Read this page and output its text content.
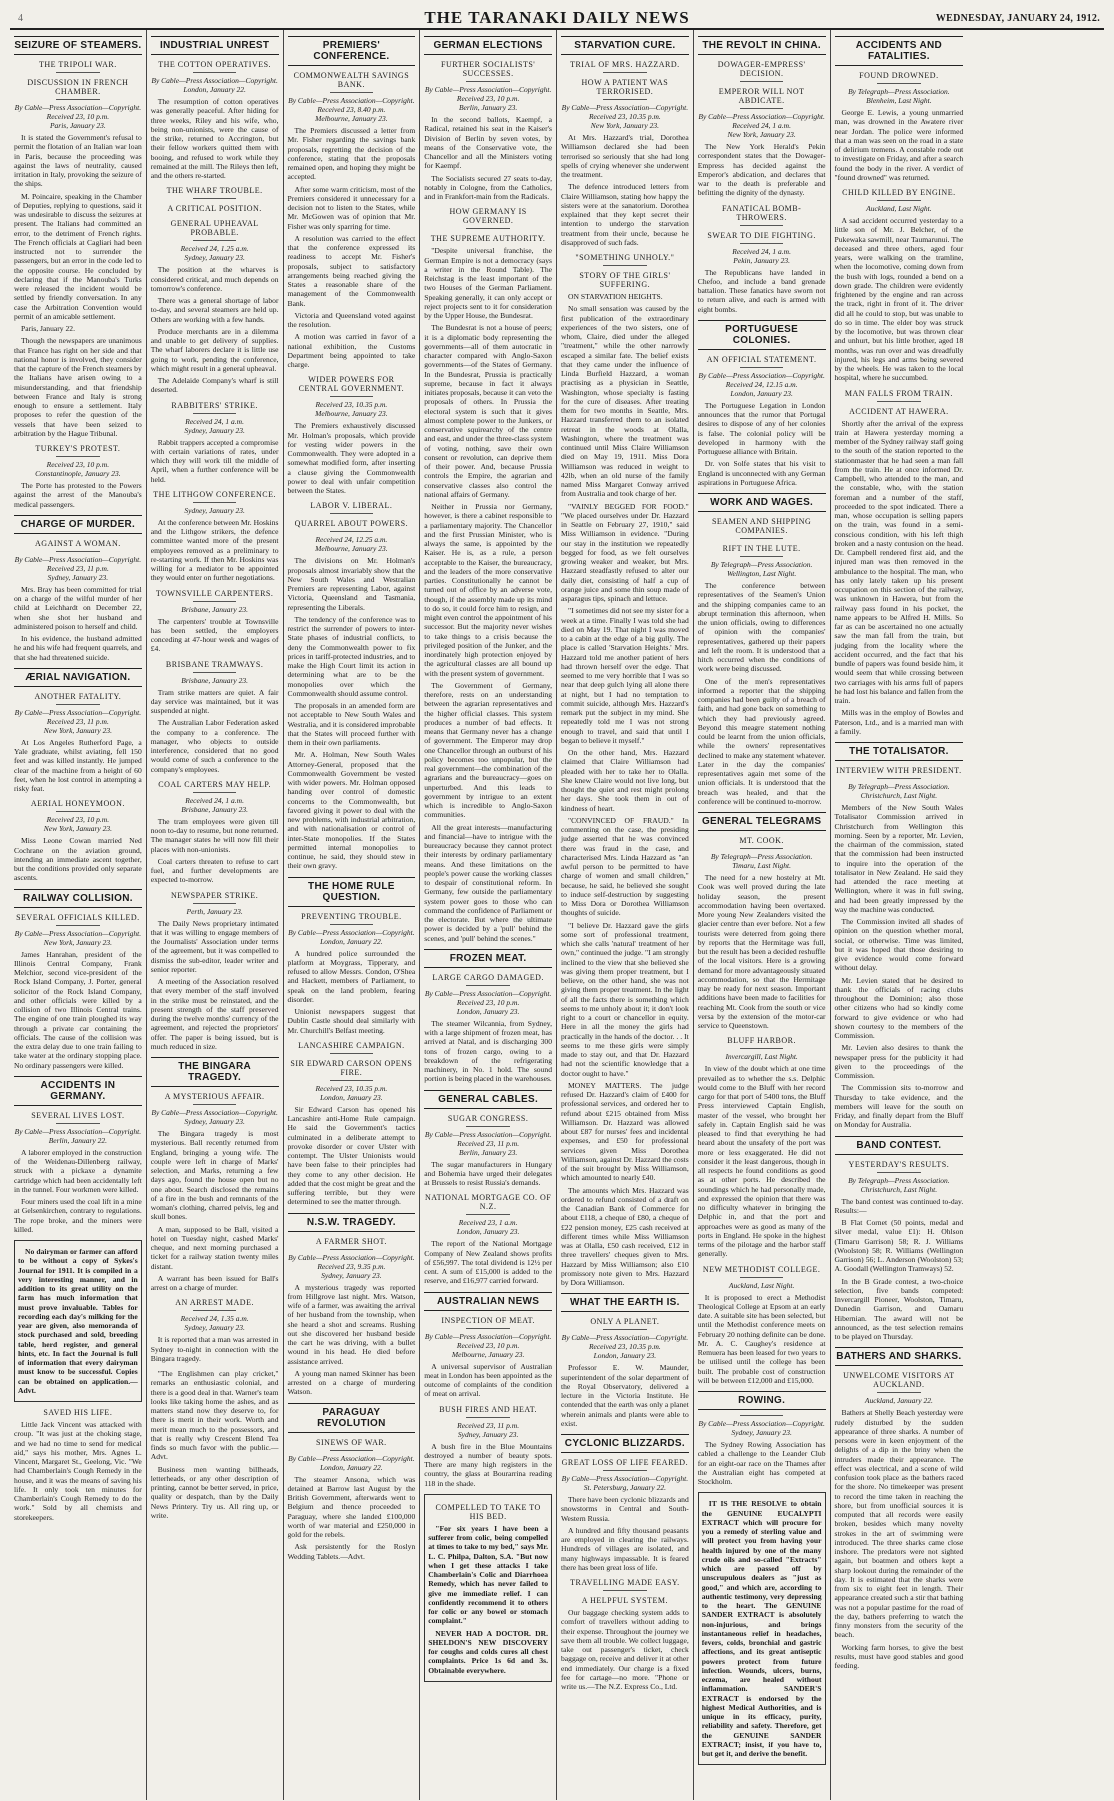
4	THE TARANAKI DAILY NEWS	WEDNESDAY, JANUARY 24, 1912.
SEIZURE OF STEAMERS.
THE TRIPOLI WAR.
DISCUSSION IN FRENCH CHAMBER.
By Cable—Press Association—Copyright.
Received 23, 10 p.m.
Paris, January 23.

It is stated the Government's refusal to permit the flotation of an Italian war loan in Paris, because the proceeding was against the laws of neutrality, caused irritation in Italy, provoking the seizure of the ships.

M. Poincaire, speaking in the Chamber of Deputies, replying to questions, said it was undesirable to discuss the seizures at present. The Italians had committed an error, to the detriment of French rights. The French officials at Cagliari had been instructed not to surrender the passengers, but an error in the code led to the opposite course. He concluded by declaring that if the Manouba's Turks were released the incident would be settled by friendly conversation. In any case the Arbitration Convention would permit of an amicable settlement.

Paris, January 22.

Though the newspapers are unanimous that France has right on her side and that national honor is involved, they consider that the capture of the French steamers by the Italians have arisen owing to a misunderstanding, and that friendship between France and Italy is strong enough to ensure a settlement. Italy proposes to refer the question of the vessels that have been seized to arbitration by the Hague Tribunal.

TURKEY'S PROTEST.
Received 23, 10 p.m.
Constantinople, January 23.

The Porte has protested to the Powers against the arrest of the Manouba's medical passengers.

CHARGE OF MURDER.
AGAINST A WOMAN.
By Cable—Press Association—Copyright.
Received 23, 11 p.m.
Sydney, January 23.

Mrs. Bray has been committed for trial on a charge of the wilful murder of her child at Leichhardt on December 22, when she shot her husband and administered poison to herself and child.

In his evidence, the husband admitted he and his wife had frequent quarrels, and that she had threatened suicide.

ÆRIAL NAVIGATION.
ANOTHER FATALITY.
By Cable—Press Association—Copyright.
Received 23, 11 p.m.
New York, January 23.

At Los Angeles Rutherford Page, a Yale graduate, whilst aviating, fell 150 feet and was killed instantly. He jumped clear of the machine from a height of 60 feet, when he lost control in attempting a risky feat.

AERIAL HONEYMOON.
Received 23, 10 p.m.
New York, January 23.

Miss Leone Cowan married Ned Cochrane on the aviation ground, intending an immediate ascent together, but the conditions provided only separate ascents.

RAILWAY COLLISION.
SEVERAL OFFICIALS KILLED.
By Cable—Press Association—Copyright.
New York, January 23.

James Hanrahan, president of the Illinois Central Company, Frank Melchior, second vice-president of the Rock Island Company, J. Porter, general solicitor of the Rock Island Company, and other officials were killed by a collision of two Illinois Central trains. The engine of one train ploughed its way through a private car containing the officials. The cause of the collision was the extra delay due to one train failing to take water at the ordinary stopping place. No ordinary passengers were killed.

ACCIDENTS IN GERMANY.
SEVERAL LIVES LOST.
By Cable—Press Association—Copyright.
Berlin, January 22.

A laborer employed in the construction of the Weidenau-Dillenberg railway, struck with a pickaxe a dynamite cartridge which had been accidentally left in the tunnel. Four workmen were killed.

Four miners used the coal lift in a mine at Gelsenkirchen, contrary to regulations. The rope broke, and the miners were killed.

No dairyman or farmer can afford to be without a copy of Sykes's Journal for 1911. It is compiled in a very interesting manner, and in addition to its great utility on the farm has much information that must prove invaluable. Tables for recording each day's milking for the year are given, also memoranda of stock purchased and sold, breeding table, herd register, and general hints, etc. In fact the Journal is full of information that every dairyman must know to be successful. Copies can be obtained on application.—Advt.

SAVED HIS LIFE.

Little Jack Vincent was attacked with croup. "It was just at the choking stage, and we had no time to send for medical aid," says his mother, Mrs. Agnes L. Vincent, Margaret St., Geelong, Vic. "We had Chamberlain's Cough Remedy in the house, and it was the means of saving his life. It only took ten minutes for Chamberlain's Cough Remedy to do the work." Sold by all chemists and storekeepers.

INDUSTRIAL UNREST
THE COTTON OPERATIVES.
By Cable—Press Association—Copyright.
London, January 22.

The resumption of cotton operatives was generally peaceful. After hiding for three weeks, Riley and his wife, who, being non-unionists, were the cause of the strike, returned to Accrington, but their fellow workers quitted them with booing, and refused to work while they remained at the mill. The Rileys then left, and the others re-started.

THE WHARF TROUBLE.
A CRITICAL POSITION.
GENERAL UPHEAVAL PROBABLE.
Received 24, 1.25 a.m.
Sydney, January 23.

The position at the wharves is considered critical, and much depends on tomorrow's conference.

There was a general shortage of labor to-day, and several steamers are held up. Others are working with a few hands.

Produce merchants are in a dilemma and unable to get delivery of supplies. The wharf laborers declare it is little use going to work, pending the conference, which might result in a general upheaval.

The Adelaide Company's wharf is still deserted.

RABBITERS' STRIKE.
Received 24, 1 a.m.
Sydney, January 23.

Rabbit trappers accepted a compromise with certain variations of rates, under which they will work till the middle of April, when a further conference will be held.

THE LITHGOW CONFERENCE.
Sydney, January 23.

At the conference between Mr. Hoskins and the Lithgow strikers, the defence committee wanted more of the present employees removed as a preliminary to re-starting work. If then Mr. Hoskins was willing for a mediator to be appointed they would enter on further negotiations.

TOWNSVILLE CARPENTERS.
Brisbane, January 23.

The carpenters' trouble at Townsville has been settled, the employers conceding at 47-hour week and wages of £4.

BRISBANE TRAMWAYS.
Brisbane, January 23.

Tram strike matters are quiet. A fair day service was maintained, but it was suspended at night.

The Australian Labor Federation asked the company to a conference. The manager, who objects to outside interference, considered that no good would come of such a conference to the company's employees.

COAL CARTERS MAY HELP.
Received 24, 1 a.m.
Brisbane, January 23.

The tram employees were given till noon to-day to resume, but none returned. The manager states he will now fill their places with non-unionists.

Coal carters threaten to refuse to cart fuel, and further developments are expected to-morrow.

NEWSPAPER STRIKE.
Perth, January 23.

The Daily News proprietary intimated that it was willing to engage members of the Journalists' Association under terms of the agreement, but it was compelled to dismiss the sub-editor, leader writer and senior reporter.

A meeting of the Association resolved that every member of the staff involved in the strike must be reinstated, and the present strength of the staff preserved during the twelve months' currency of the agreement, and rejected the proprietors' offer. The paper is being issued, but is much reduced in size.

THE BINGARA TRAGEDY.
A MYSTERIOUS AFFAIR.
By Cable—Press Association—Copyright.
Sydney, January 23.

The Bingara tragedy is most mysterious. Ball recently returned from England, bringing a young wife. The couple were left in charge of Marks' selection, and Marks, returning a few days ago, found the house open but no one about. Search disclosed the remains of a fire in the bush and remnants of the woman's clothing, charred pelvis, leg and skull bones.

A man, supposed to be Ball, visited a hotel on Tuesday night, cashed Marks' cheque, and next morning purchased a ticket for a railway station twenty miles distant.

A warrant has been issued for Ball's arrest on a charge of murder.

AN ARREST MADE.
Received 24, 1.35 a.m.
Sydney, January 23.

It is reported that a man was arrested in Sydney to-night in connection with the Bingara tragedy.

"The Englishmen can play cricket," remarks an enthusiastic colonial, and there is a good deal in that. Warner's team looks like taking home the ashes, and as matters stand now they deserve to, for there is merit in their work. Worth and merit mean much to the possessors, and that is really why Crescent Blend Tea finds so much favor with the public.—Advt.

Business men wanting billheads, letterheads, or any other description of printing, cannot be better served, in price, quality or despatch, than by the Daily News Printery. Try us. All ring up, or write.

PREMIERS' CONFERENCE.
COMMONWEALTH SAVINGS BANK.
By Cable—Press Association—Copyright.
Received 23, 8.40 p.m.
Melbourne, January 23.

The Premiers discussed a letter from Mr. Fisher regarding the savings bank proposals, regretting the decision of the conference, stating that the proposals remained open, and hoping they might be accepted.

After some warm criticism, most of the Premiers considered it unnecessary for a decision not to listen to the States, while Mr. McGowen was of opinion that Mr. Fisher was only sparring for time.

A resolution was carried to the effect that the conference expressed its readiness to accept Mr. Fisher's proposals, subject to satisfactory arrangements being reached giving the States a reasonable share of the management of the Commonwealth Bank.

Victoria and Queensland voted against the resolution.

A motion was carried in favor of a national exhibition, the Customs Department being appointed to take charge.

WIDER POWERS FOR CENTRAL GOVERNMENT.
Received 23, 10.35 p.m.
Melbourne, January 23.

The Premiers exhaustively discussed Mr. Holman's proposals, which provide for vesting wider powers in the Commonwealth. They were adopted in a somewhat modified form, after inserting a clause giving the Commonwealth power to deal with unfair competition between the States.

LABOR V. LIBERAL.
QUARREL ABOUT POWERS.
Received 24, 12.25 a.m.
Melbourne, January 23.

The divisions on Mr. Holman's proposals almost invariably show that the New South Wales and Westralian Premiers are representing Labor, against Victoria, Queensland and Tasmania, representing the Liberals.

The tendency of the conference was to restrict the surrender of powers to inter-State phases of industrial conflicts, to deny the Commonwealth power to fix prices in tariff-protected industries, and to make the High Court limit its action in determining what are to be the monopolies over which the Commonwealth should assume control.

The proposals in an amended form are not acceptable to New South Wales and Westralia, and it is considered improbable that the States will proceed further with them in their own parliaments.

Mr. A. Holman, New South Wales Attorney-General, proposed that the Commonwealth Government be vested with wider powers. Mr. Holman opposed handing over control of domestic concerns to the Commonwealth, but favored giving it power to deal with the new problems, with industrial arbitration, and with nationalisation or control of inter-State monopolies. If the States permitted internal monopolies to continue, he said, they should stew in their own gravy.

THE HOME RULE QUESTION.
PREVENTING TROUBLE.
By Cable—Press Association—Copyright.
London, January 22.

A hundred police surrounded the platform at Moygrass, Tipperary, and refused to allow Messrs. Condon, O'Shea and Hackett, members of Parliament, to speak on the land problem, fearing disorder.

Unionist newspapers suggest that Dublin Castle should deal similarly with Mr. Churchill's Belfast meeting.

LANCASHIRE CAMPAIGN.
SIR EDWARD CARSON OPENS FIRE.
Received 23, 10.35 p.m.
London, January 23.

Sir Edward Carson has opened his Lancashire anti-Home Rule campaign. He said the Government's tactics culminated in a deliberate attempt to provoke disorder or cover Ulster with contempt. The Ulster Unionists would have been false to their principles had they come to any other decision. He added that the cost might be great and the suffering terrible, but they were determined to see the matter through.

N.S.W. TRAGEDY.
A FARMER SHOT.
By Cable—Press Association—Copyright.
Received 23, 9.35 p.m.
Sydney, January 23.

A mysterious tragedy was reported from Hillgrove last night. Mrs. Watson, wife of a farmer, was awaiting the arrival of her husband from the township, when she heard a shot and screams. Rushing out she discovered her husband beside the cart he was driving, with a bullet wound in his head. He died before assistance arrived.

A young man named Skinner has been arrested on a charge of murdering Watson.

PARAGUAY REVOLUTION
SINEWS OF WAR.
By Cable—Press Association—Copyright.
London, January 22.

The steamer Ansona, which was detained at Barrow last August by the British Government, afterwards went to Belgium and thence proceeded to Paraguay, where she landed £100,000 worth of war material and £250,000 in gold for the rebels.

Ask persistently for the Roslyn Wedding Tablets.—Advt.

GERMAN ELECTIONS
FURTHER SOCIALISTS' SUCCESSES.
By Cable—Press Association—Copyright.
Received 23, 10 p.m.
Berlin, January 23.

In the second ballots, Kaempf, a Radical, retained his seat in the Kaiser's Division of Berlin by seven votes, by means of the Conservative vote, the Chancellor and all the Ministers voting for Kaempf.

The Socialists secured 27 seats to-day, notably in Cologne, from the Catholics, and in Frankfort-main from the Radicals.

HOW GERMANY IS GOVERNED.
THE SUPREME AUTHORITY.

"Despite universal franchise, the German Empire is not a democracy (says a writer in the Round Table). The Reichstag is the least important of the two Houses of the German Parliament. Speaking generally, it can only accept or reject projects sent to it for consideration by the Upper House, the Bundesrat.

The Bundesrat is not a house of peers; it is a diplomatic body representing the governments—all of them autocratic in character compared with Anglo-Saxon governments—of the States of Germany. In the Bundesrat, Prussia is practically supreme, because in fact it always initiates proposals, because it can veto the proposals of others. In Prussia the electoral system is such that it gives almost complete power to the Junkers, or conservative squirearchy of the centre and east, and under the three-class system of voting, nothing, save their own consent or revolution, can deprive them of their power. And, because Prussia controls the Empire, the agrarian and conservative classes also control the national affairs of Germany.

Neither in Prussia nor Germany, however, is there a cabinet responsible to a parliamentary majority. The Chancellor and the first Prussian Minister, who is always the same, is appointed by the Kaiser. He is, as a rule, a person acceptable to the Kaiser, the bureaucracy, and the leaders of the more conservative parties. Constitutionally he cannot be turned out of office by an adverse vote, though, if the assembly made up its mind to do so, it could force him to resign, and might even control the appointment of his successor. But the majority never wishes to take things to a crisis because the privileged position of the Junker, and the inordinately high protection enjoyed by the agricultural classes are all bound up with the present system of government.

The Government of Germany, therefore, rests on an understanding between the agrarian representatives and the higher official classes. This system produces a number of bad effects. It means that Germany never has a change of government. The Emperor may drop one Chancellor through an outburst of his policy becomes too unpopular, but the real government—the combination of the agrarians and the bureaucracy—goes on unperturbed. And this leads to government by intrigue to an extent which is incredible to Anglo-Saxon communities.

All the great interests—manufacturing and financial—have to intrigue with the bureaucracy because they cannot protect their interests by ordinary parliamentary means. And these limitations on the people's power cause the working classes to despair of constitutional reform. In Germany, few outside the parliamentary system power goes to those who can command the confidence of Parliament or the electorate. But where the ultimate power is decided by a 'pull' behind the scenes, and 'pull' behind the scenes."

FROZEN MEAT.
LARGE CARGO DAMAGED.
By Cable—Press Association—Copyright.
Received 23, 10 p.m.
London, January 23.

The steamer Wilcannia, from Sydney, with a large shipment of frozen meat, has arrived at Natal, and is discharging 300 tons of frozen cargo, owing to a breakdown of the refrigerating machinery, in No. 1 hold. The sound portion is being placed in the warehouses.

GENERAL CABLES.
SUGAR CONGRESS.
By Cable—Press Association—Copyright.
Received 23, 11 p.m.
Berlin, January 23.

The sugar manufacturers in Hungary and Bohemia have urged their delegates at Brussels to resist Russia's demands.

NATIONAL MORTGAGE CO. OF N.Z.
Received 23, 1 a.m.
London, January 23.

The report of the National Mortgage Company of New Zealand shows profits of £56,997. The total dividend is 12½ per cent. A sum of £15,000 is added to the reserve, and £16,977 carried forward.

AUSTRALIAN NEWS
INSPECTION OF MEAT.
By Cable—Press Association—Copyright.
Received 23, 10 p.m.
Melbourne, January 23.

A universal supervisor of Australian meat in London has been appointed as the outcome of complaints of the condition of meat on arrival.

BUSH FIRES AND HEAT.
Received 23, 11 p.m.
Sydney, January 23.

A bush fire in the Blue Mountains destroyed a number of beauty spots. There are many high registers in the country, the glass at Bourarrina reading 118 in the shade.

COMPELLED TO TAKE TO HIS BED.

"For six years I have been a sufferer from colic, being compelled at times to take to my bed," says Mr. L. C. Philpa, Dalton, S.A. "But now when I get these attacks I take Chamberlain's Colic and Diarrhoea Remedy, which has never failed to give me immediate relief. I can confidently recommend it to others for colic or any bowel or stomach complaint."

NEVER HAD A DOCTOR. DR. SHELDON'S NEW DISCOVERY for coughs and colds cures all chest complaints. Price 1s 6d and 3s. Obtainable everywhere.

STARVATION CURE.
TRIAL OF MRS. HAZZARD.
HOW A PATIENT WAS TERRORISED.
By Cable—Press Association—Copyright.
Received 23, 10.35 p.m.
New York, January 23.

At Mrs. Hazzard's trial, Dorothea Williamson declared she had been terrorised so seriously that she had long spells of crying whenever she underwent the treatment.

The defence introduced letters from Claire Williamson, stating how happy the sisters were at the sanatorium. Dorothea explained that they kept secret their intention to undergo the starvation treatment from their uncle, because he disapproved of such fads.

"SOMETHING UNHOLY."
STORY OF THE GIRLS' SUFFERING.

ON STARVATION HEIGHTS.

No small sensation was caused by the first publication of the extraordinary experiences of the two sisters, one of whom, Claire, died under the alleged "treatment," while the other narrowly escaped a similar fate. The belief exists that they came under the influence of Linda Burfield Hazzard, a woman practising as a physician in Seattle, Washington, whose specialty is fasting for the cure of diseases. After treating them for two months in Seattle, Mrs. Hazzard transferred them to an isolated retreat in the woods at Olalla, Washington, where the treatment was continued until Miss Claire Williamson died on May 19, 1911. Miss Dora Williamson was reduced in weight to 42lb, when an old nurse of the family named Miss Margaret Conway arrived from Australia and took charge of her.

"VAINLY BEGGED FOR FOOD." "We placed ourselves under Dr. Hazzard in Seattle on February 27, 1910," said Miss Williamson in evidence. "During our stay in the institution we repeatedly begged for food, as we felt ourselves growing weaker and weaker, but Mrs. Hazzard steadfastly refused to alter our daily diet, consisting of half a cup of orange juice and some thin soup made of asparagus tips, spinach and lettuce.

"I sometimes did not see my sister for a week at a time. Finally I was told she had died on May 19. That night I was moved to a cabin at the edge of a big gully. The place is called 'Starvation Heights.' Mrs. Hazzard told me another patient of hers had thrown herself over the edge. That seemed to me very horrible that I was so near that deep gulch lying all alone there at night, but I had no temptation to commit suicide, although Mrs. Hazzard's remark put the subject in my mind. She repeatedly told me I was not strong enough to travel, and said that until I began to believe it myself."

On the other hand, Mrs. Hazzard claimed that Claire Williamson had pleaded with her to take her to Olalla. She knew Claire would not live long, but thought the quiet and rest might prolong her days. She took them in out of kindness of heart.

"CONVINCED OF FRAUD." In commenting on the case, the presiding judge asserted that he was convinced there was fraud in the case, and characterised Mrs. Linda Hazzard as "an awful person to be permitted to have charge of women and small children," because, he said, he believed she sought to induce self-destruction by suggesting to Miss Dora or Dorothea Williamson thoughts of suicide.

"I believe Dr. Hazzard gave the girls some sort of professional treatment, which she calls 'natural' treatment of her own," continued the judge. "I am strongly inclined to the view that she believed she was giving them proper treatment, but I believe, on the other hand, she was not giving them proper treatment. In the light of all the facts there is something which seems to me unholy about it; it don't look right to a court or chancellor in equity. Here in all the money the girls had practically in the hands of the doctor. . . It seems to me these girls were simply made to stay out, and that Dr. Hazzard had not the scientific knowledge that a doctor ought to have."

MONEY MATTERS. The judge refused Dr. Hazzard's claim of £400 for professional services, and ordered her to refund about £215 obtained from Miss Williamson. Dr. Hazzard was allowed about £87 for nurses' fees and incidental expenses, and £50 for professional services given Miss Dorothea Williamson, against Dr. Hazzard the costs of the suit brought by Miss Williamson, which amounted to nearly £40.

The amounts which Mrs. Hazzard was ordered to refund consisted of a draft on the Canadian Bank of Commerce for about £118, a cheque of £80, a cheque of £22 pension money, £25 cash received at different times while Miss Williamson was at Olalla, £50 cash received, £12 in three travellers' cheques given to Mrs. Hazzard by Miss Williamson; also £10 promissory note given to Mrs. Hazzard by Dora Williamson.

WHAT THE EARTH IS.
ONLY A PLANET.
By Cable—Press Association—Copyright.
Received 23, 10.35 p.m.
London, January 23.

Professor E. W. Maunder, superintendent of the solar department of the Royal Observatory, delivered a lecture in the Victoria Institute. He contended that the earth was only a planet wherein animals and plants were able to exist.

CYCLONIC BLIZZARDS.
GREAT LOSS OF LIFE FEARED.
By Cable—Press Association—Copyright.
St. Petersburg, January 22.

There have been cyclonic blizzards and snowstorms in Central and South-Western Russia.

A hundred and fifty thousand peasants are employed in clearing the railways. Hundreds of villages are isolated, and many highways impassable. It is feared there has been great loss of life.

TRAVELLING MADE EASY.
A HELPFUL SYSTEM.

Our baggage checking system adds to comfort of travellers without adding to their expense. Throughout the journey we save them all trouble. We collect luggage, take out passenger's ticket, check baggage on, receive and deliver it at other end immediately. Our charge is a fixed fee for cartage—no more. "Phone or write us.—The N.Z. Express Co., Ltd.

THE REVOLT IN CHINA.
DOWAGER-EMPRESS' DECISION.
EMPEROR WILL NOT ABDICATE.
By Cable—Press Association—Copyright.
Received 24, 1 a.m.
New York, January 23.

The New York Herald's Pekin correspondent states that the Dowager-Empress has decided against the Emperor's abdication, and declares that war to the death is preferable and befitting the dignity of the dynasty.

FANATICAL BOMB-THROWERS.
SWEAR TO DIE FIGHTING.
Received 24, 1 a.m.
Pekin, January 23.

The Republicans have landed in Chefoo, and include a band grenade battalion. These fanatics have sworn not to return alive, and each is armed with eight bombs.

PORTUGUESE COLONIES.
AN OFFICIAL STATEMENT.
By Cable—Press Association—Copyright.
Received 24, 12.15 a.m.
London, January 23.

The Portuguese Legation in London announces that the rumor that Portugal desires to dispose of any of her colonies is false. The colonial policy will be developed in harmony with the Portuguese alliance with Britain.

Dr. von Solfe states that his visit to England is unconnected with any German aspirations in Portuguese Africa.

WORK AND WAGES.
SEAMEN AND SHIPPING COMPANIES.
RIFT IN THE LUTE.
By Telegraph—Press Association.
Wellington, Last Night.

The conference between representatives of the Seamen's Union and the shipping companies came to an abrupt termination this afternoon, when the union officials, owing to differences of opinion with the companies' representatives, gathered up their papers and left the room. It is understood that a hitch occurred when the conditions of work were being discussed.

One of the men's representatives informed a reporter that the shipping companies had been guilty of a breach of faith, and had gone back on something to which they had previously agreed. Beyond this meagre statement nothing could be learnt from the union officials, while the owners' representatives declined to make any statement whatever. Later in the day the companies' representatives again met some of the union officials. It is understood that the breach was healed, and that the conference will be continued to-morrow.

GENERAL TELEGRAMS
MT. COOK.
By Telegraph—Press Association.
Timaru, Last Night.

The need for a new hostelry at Mt. Cook was well proved during the late holiday season, the present accommodation having been overtaxed. More young New Zealanders visited the glacier centre than ever before. Not a few tourists were deterred from going there by reports that the Hermitage was full, but the result has been a decided reshuffle of the local visitors. Here is a growing demand for more advantageously situated accommodation, so that the Hermitage may be ready for next season. Important additions have been made to facilities for reaching Mt. Cook from the south or vice versa by the extension of the motor-car service to Queenstown.

BLUFF HARBOR.
Invercargill, Last Night.

In view of the doubt which at one time prevailed as to whether the s.s. Delphic would come to the Bluff with her record cargo for that port of 5400 tons, the Bluff Press interviewed Captain English, master of the vessel, who brought her safely in. Captain English said he was pleased to find that everything he had heard about the unsafety of the port was more or less exaggerated. He did not consider it the least dangerous, though in all respects he found conditions as good as at other ports. He described the soundings which he had personally made, and expressed the opinion that there was no difficulty whatever in bringing the Delphic in, and that the port and approaches were as good as many of the ports in England. He spoke in the highest terms of the pilotage and the harbor staff generally.

NEW METHODIST COLLEGE.
Auckland, Last Night.

It is proposed to erect a Methodist Theological College at Epsom at an early date. A suitable site has been selected, but until the Methodist conference meets on February 20 nothing definite can be done. Mr. A. C. Caughey's residence at Remuera has been leased for two years to be utilised until the college has been built. The probable cost of construction will be between £12,000 and £15,000.

ROWING.
By Cable—Press Association—Copyright.
Sydney, January 23.

The Sydney Rowing Association has cabled a challenge to the Leander Club for an eight-oar race on the Thames after the Australian eight has competed at Stockholm.

IT IS THE RESOLVE to obtain the GENUINE EUCALYPTI EXTRACT which will procure for you a remedy of sterling value and will protect you from having your health injured by one of the many crude oils and so-called "Extracts" which are passed off by unscrupulous dealers as "just as good," and which are, according to authentic testimony, very depressing to the heart. The GENUINE SANDER EXTRACT is absolutely non-injurious, and brings instantaneous relief in headaches, fevers, colds, bronchial and gastric affections, and its great antiseptic powers protect from future infection. Wounds, ulcers, burns, eczema, are healed without inflammation. SANDER'S EXTRACT is endorsed by the highest Medical Authorities, and is unique in its efficacy, purity, reliability and safety. Therefore, get the GENUINE SANDER EXTRACT; insist, if you have to, but get it, and derive the benefit.

ACCIDENTS AND FATALITIES.
FOUND DROWNED.
By Telegraph—Press Association.
Blenheim, Last Night.

George E. Lewis, a young unmarried man, was drowned in the Awatere river near Jordan. The police were informed that a man was seen on the road in a state of delirium tremens. A constable rode out to investigate on Friday, and after a search found the body in the river. A verdict of "found drowned" was returned.

CHILD KILLED BY ENGINE.
Auckland, Last Night.

A sad accident occurred yesterday to a little son of Mr. J. Belcher, of the Pukewaka sawmill, near Taumarunui. The deceased and three others, aged four years, were walking on the tramline, when the locomotive, coming down from the bush with logs, rounded a bend on a down grade. The children were evidently frightened by the engine and ran across the track, right in front of it. The driver did all he could to stop, but was unable to do so in time. The elder boy was struck by the locomotive, but was thrown clear and unhurt, but his little brother, aged 18 months, was run over and was dreadfully injured, his legs and arms being severed by the wheels. He was taken to the local hospital, where he succumbed.

MAN FALLS FROM TRAIN.
ACCIDENT AT HAWERA.

Shortly after the arrival of the express train at Hawera yesterday morning a member of the Sydney railway staff going to the south of the station reported to the stationmaster that he had seen a man fall from the train. He at once informed Dr. Campbell, who attended to the man, and the constable, who, with the station foreman and a number of the staff, proceeded to the spot indicated. There a man, whose occupation is selling papers on the train, was found in a semi-conscious condition, with his left thigh broken and a nasty contusion on the head. Dr. Campbell rendered first aid, and the injured man was then removed in the ambulance to the hospital. The man, who has only lately taken up his present occupation on this section of the railway, was unknown in Hawera, but from the railway pass found in his pocket, the name appears to be Alfred H. Mills. So far as can be ascertained no one actually saw the man fall from the train, but judging from the locality where the accident occurred, and the fact that his bundle of papers was found beside him, it would seem that while crossing between two carriages with his arms full of papers he had lost his balance and fallen from the train.

Mills was in the employ of Bowles and Paterson, Ltd., and is a married man with a family.

THE TOTALISATOR.
INTERVIEW WITH PRESIDENT.
By Telegraph—Press Association.
Christchurch, Last Night.

Members of the New South Wales Totalisator Commission arrived in Christchurch from Wellington this morning. Seen by a reporter, Mr. Levien, the chairman of the commission, stated that the commission had been instructed to inquire into the operation of the totalisator in New Zealand. He said they had attended the race meeting at Wellington, where it was in full swing, and had been greatly impressed by the way the machine was conducted.

The Commission invited all shades of opinion on the question whether moral, social, or otherwise. Time was limited, but it was hoped that those desiring to give evidence would come forward without delay.

Mr. Levien stated that he desired to thank the officials of racing clubs throughout the Dominion; also those other citizens who had so kindly come forward to give evidence or who had shown courtesy to the members of the Commission.

Mr. Levien also desires to thank the newspaper press for the publicity it had given to the proceedings of the Commission.

The Commission sits to-morrow and Thursday to take evidence, and the members will leave for the south on Friday, and finally depart from the Bluff on Monday for Australia.

BAND CONTEST.
YESTERDAY'S RESULTS.
By Telegraph—Press Association.
Christchurch, Last Night.

The band contest was continued to-day. Results:—

B Flat Cornet (50 points, medal and silver medal, value £1): H. Ohlson (Timaru Garrison) 58; R. J. Williams (Woolston) 58; R. Williams (Wellington Garrison) 56; L. Anderson (Woolston) 53; A. Goodall (Wellington Tramways) 52.

In the B Grade contest, a two-choice selection, five bands competed: Invercargill Pioneer, Woolston, Timaru, Dunedin Garrison, and Oamaru Hibernian. The award will not be announced, as the test selection remains to be played on Thursday.

BATHERS AND SHARKS.
UNWELCOME VISITORS AT AUCKLAND.
Auckland, January 22.

Bathers at Shelly Beach yesterday were rudely disturbed by the sudden appearance of three sharks. A number of persons were in keen enjoyment of the delights of a dip in the briny when the intruders made their appearance. The effect was electrical, and a scene of wild confusion took place as the bathers raced for the shore. No timekeeper was present to record the time taken in reaching the shore, but from unofficial sources it is computed that all records were easily broken, besides which many novelty strokes in the art of swimming were introduced. The three sharks came close inshore. The predators were not sighted again, but boatmen and others kept a sharp lookout during the remainder of the day. It is estimated that the sharks were from six to eight feet in length. Their appearance created such a stir that bathing was not a popular pastime for the road of the day, bathers preferring to watch the finny monsters from the security of the beach.

Working farm horses, to give the best results, must have good stables and good feeding.
